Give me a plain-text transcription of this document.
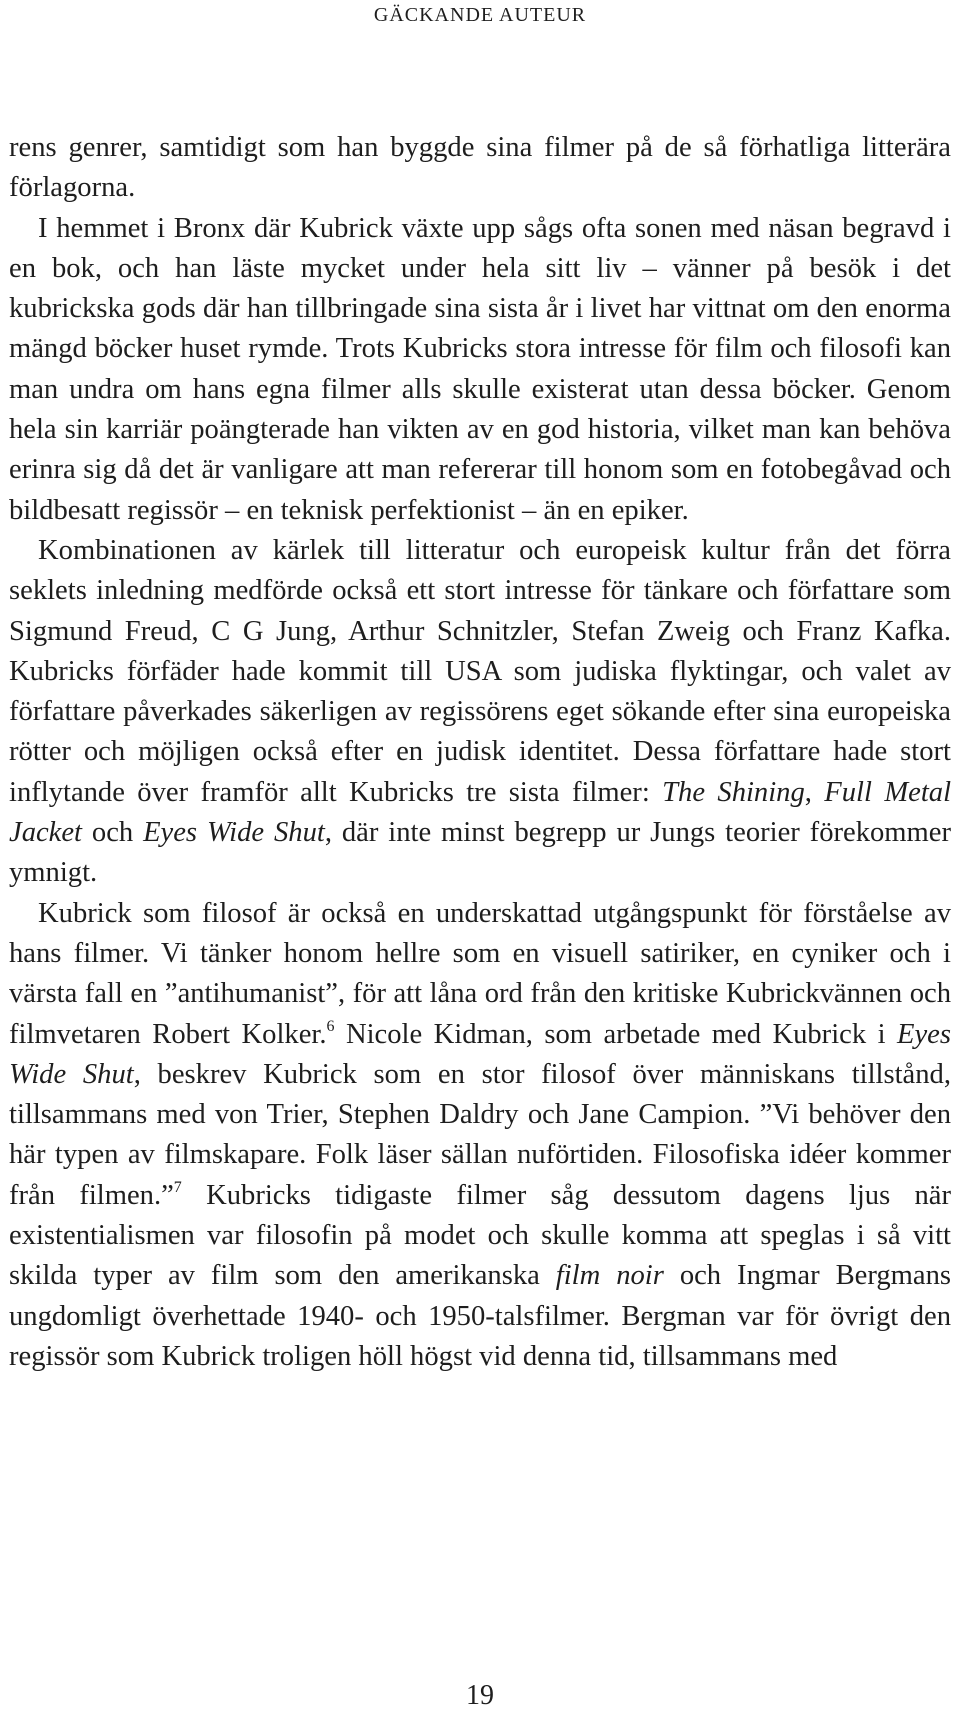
GÄCKANDE AUTEUR

rens genrer, samtidigt som han byggde sina filmer på de så förhatliga litterära förlagorna.

I hemmet i Bronx där Kubrick växte upp sågs ofta sonen med näsan begravd i en bok, och han läste mycket under hela sitt liv – vänner på besök i det kubrickska gods där han tillbringade sina sista år i livet har vittnat om den enorma mängd böcker huset rymde. Trots Kubricks stora intresse för film och filosofi kan man undra om hans egna filmer alls skulle existerat utan dessa böcker. Genom hela sin karriär poängterade han vikten av en god historia, vilket man kan behöva erinra sig då det är vanligare att man refererar till honom som en fotobegåvad och bildbesatt regissör – en teknisk perfektionist – än en epiker.

Kombinationen av kärlek till litteratur och europeisk kultur från det förra seklets inledning medförde också ett stort intresse för tänkare och författare som Sigmund Freud, C G Jung, Arthur Schnitzler, Stefan Zweig och Franz Kafka. Kubricks förfäder hade kommit till USA som judiska flyktingar, och valet av författare påverkades säkerligen av regissörens eget sökande efter sina europeiska rötter och möjligen också efter en judisk identitet. Dessa författare hade stort inflytande över framför allt Kubricks tre sista filmer: The Shining, Full Metal Jacket och Eyes Wide Shut, där inte minst begrepp ur Jungs teorier förekommer ymnigt.

Kubrick som filosof är också en underskattad utgångspunkt för förståelse av hans filmer. Vi tänker honom hellre som en visuell satiriker, en cyniker och i värsta fall en ”antihumanist”, för att låna ord från den kritiske Kubrickvännen och filmvetaren Robert Kolker.$^6$ Nicole Kidman, som arbetade med Kubrick i Eyes Wide Shut, beskrev Kubrick som en stor filosof över människans tillstånd, tillsammans med von Trier, Stephen Daldry och Jane Campion. ”Vi behöver den här typen av filmskapare. Folk läser sällan nuförtiden. Filosofiska idéer kommer från filmen.”$^7$ Kubricks tidigaste filmer såg dessutom dagens ljus när existentialismen var filosofin på modet och skulle komma att speglas i så vitt skilda typer av film som den amerikanska film noir och Ingmar Bergmans ungdomligt överhettade 1940- och 1950-talsfilmer. Bergman var för övrigt den regissör som Kubrick troligen höll högst vid denna tid, tillsammans med

19
